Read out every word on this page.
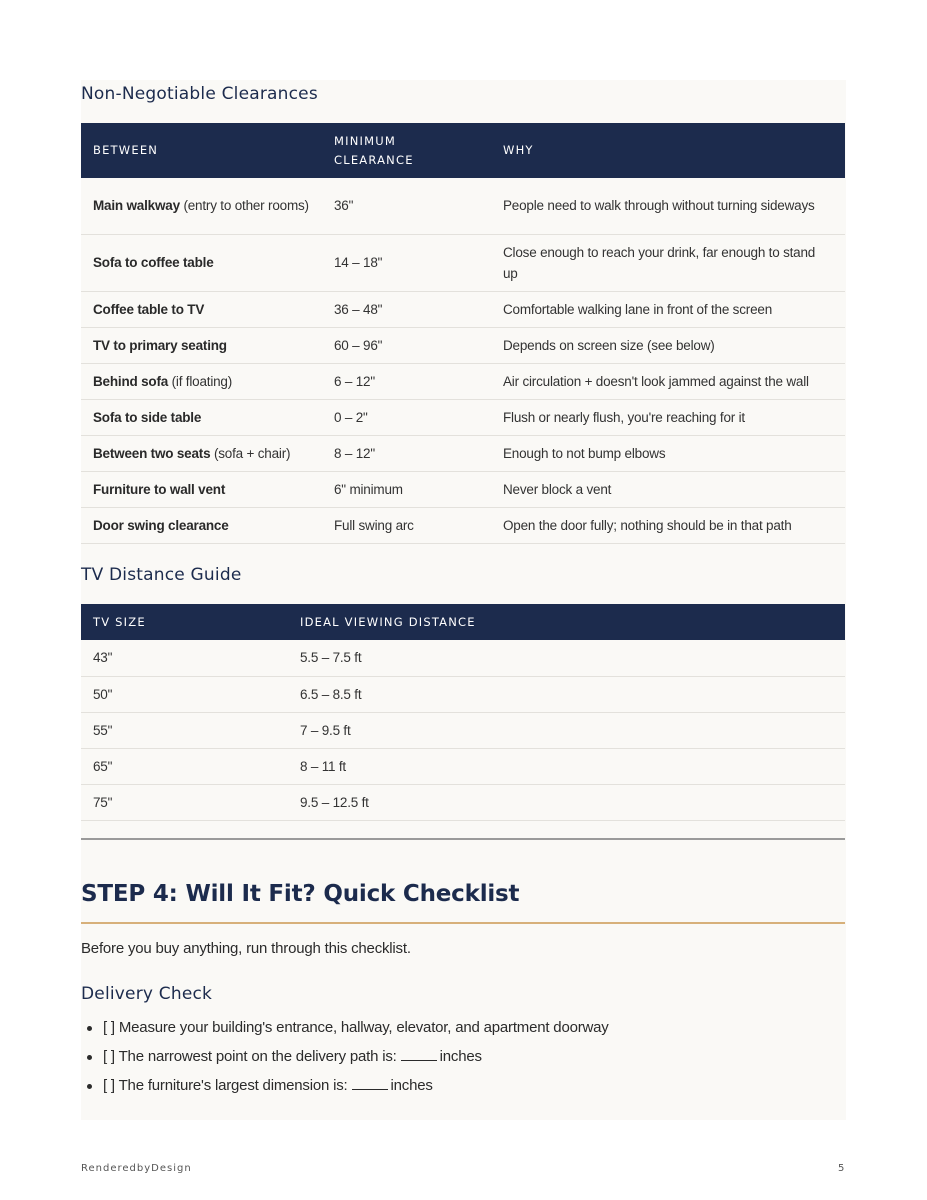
Non-Negotiable Clearances
BETWEEN	MINIMUM CLEARANCE	WHY
Main walkway (entry to other rooms)	36"	People need to walk through without turning sideways
Sofa to coffee table	14 – 18"	Close enough to reach your drink, far enough to stand up

Coffee table to TV	36 – 48"	Comfortable walking lane in front of the screen
TV to primary seating	60 – 96"	Depends on screen size (see below)
Behind sofa (if floating)	6 – 12"	Air circulation + doesn't look jammed against the wall
Sofa to side table	0 – 2"	Flush or nearly flush, you're reaching for it
Between two seats (sofa + chair)	8 – 12"	Enough to not bump elbows
Furniture to wall vent	6" minimum	Never block a vent
Door swing clearance	Full swing arc	Open the door fully; nothing should be in that path
TV Distance Guide
TV SIZE	IDEAL VIEWING DISTANCE
43"	5.5 – 7.5 ft
50"	6.5 – 8.5 ft
55"	7 – 9.5 ft
65"	8 – 11 ft
75"	9.5 – 12.5 ft
STEP 4: Will It Fit? Quick Checklist

Before you buy anything, run through this checklist.

Delivery Check
[ ] Measure your building's entrance, hallway, elevator, and apartment doorway
[ ] The narrowest point on the delivery path is:	inches
[ ] The furniture's largest dimension is:	inches
RenderedbyDesign	5
